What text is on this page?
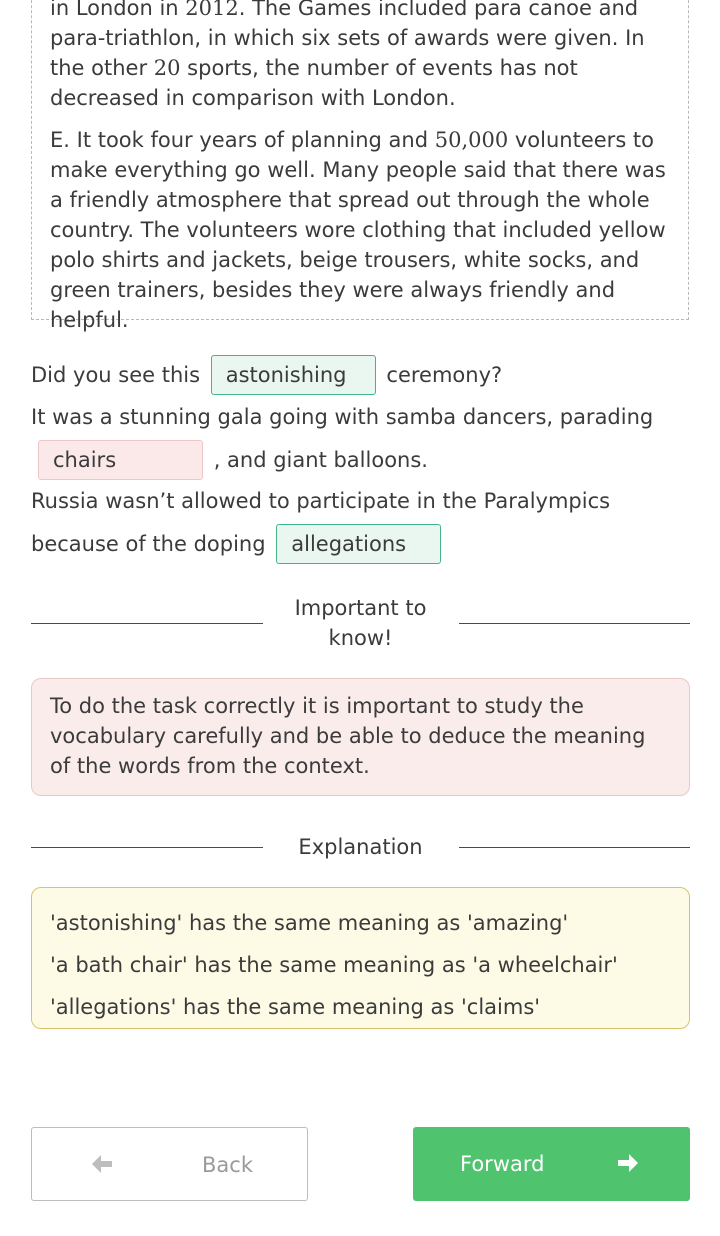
in London in 2012. The Games included para canoe and para-triathlon, in which six sets of awards were given. In the other 20 sports, the number of events has not decreased in comparison with London.

E. It took four years of planning and 50,000 volunteers to make everything go well. Many people said that there was a friendly atmosphere that spread out through the whole country. The volunteers wore clothing that included yellow polo shirts and jackets, beige trousers, white socks, and green trainers, besides they were always friendly and helpful.

Did you see this astonishing ceremony?
It was a stunning gala going with samba dancers, parading chairs	, and giant balloons.
Russia wasn’t allowed to participate in the Paralympics because of the doping allegations
Important to know!
To do the task correctly it is important to study the vocabulary carefully and be able to deduce the meaning of the words from the context.
Explanation
'astonishing' has the same meaning as 'amazing'
'a bath chair' has the same meaning as 'a wheelchair'
'allegations' has the same meaning as 'claims'
Back	Forward
